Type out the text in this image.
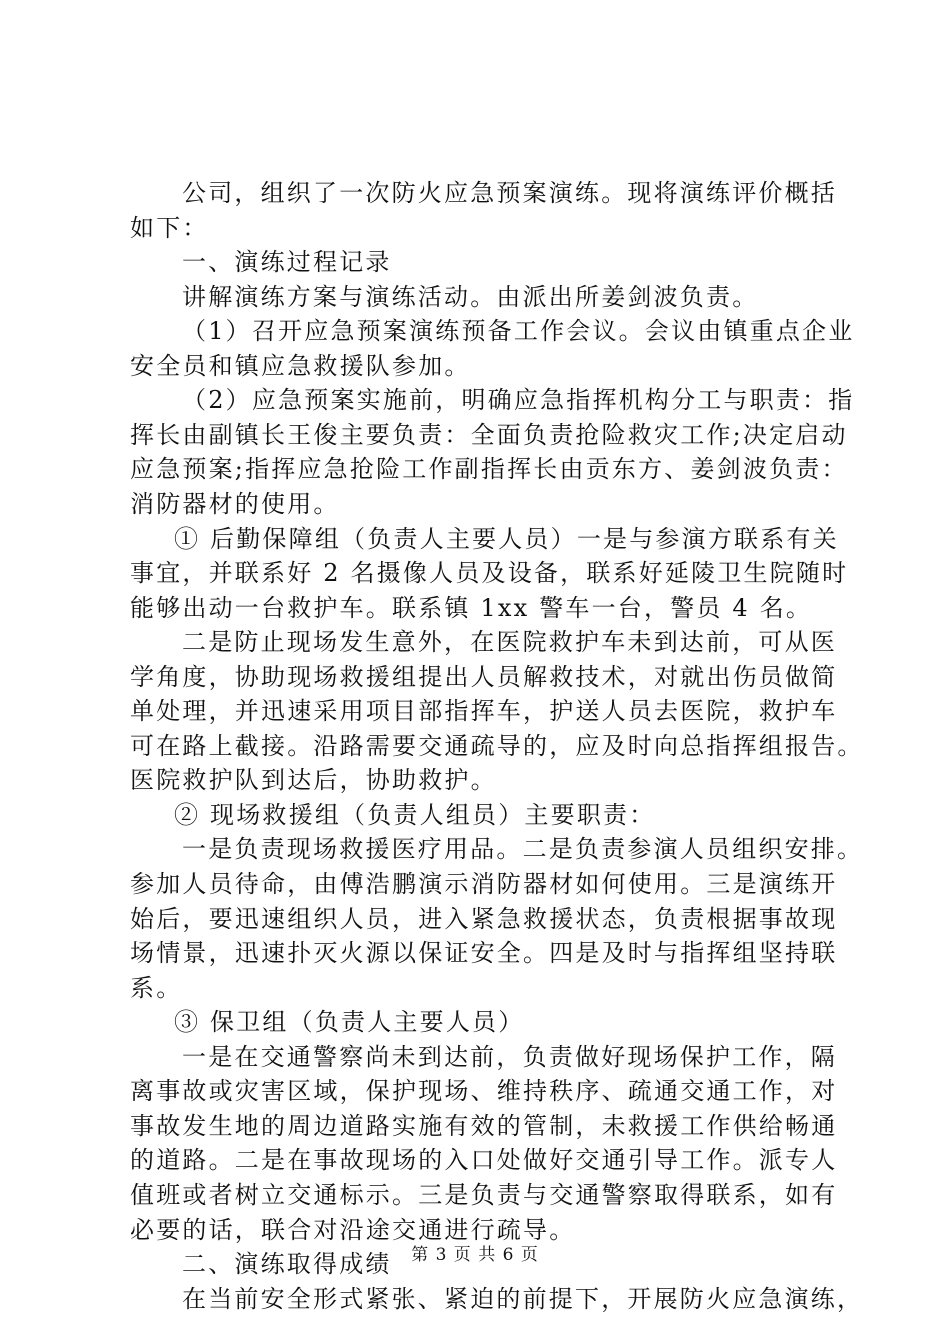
公司，组织了一次防火应急预案演练。现将演练评价概括
如下：
一、演练过程记录
讲解演练方案与演练活动。由派出所姜剑波负责。
（1）召开应急预案演练预备工作会议。会议由镇重点企业
安全员和镇应急救援队参加。
（2）应急预案实施前，明确应急指挥机构分工与职责：指
挥长由副镇长王俊主要负责：全面负责抢险救灾工作;决定启动
应急预案;指挥应急抢险工作副指挥长由贡东方、姜剑波负责：
消防器材的使用。
① 后勤保障组（负责人主要人员）一是与参演方联系有关
事宜，并联系好 2 名摄像人员及设备，联系好延陵卫生院随时
能够出动一台救护车。联系镇 1xx 警车一台，警员 4 名。
二是防止现场发生意外，在医院救护车未到达前，可从医
学角度，协助现场救援组提出人员解救技术，对就出伤员做简
单处理，并迅速采用项目部指挥车，护送人员去医院，救护车
可在路上截接。沿路需要交通疏导的，应及时向总指挥组报告。
医院救护队到达后，协助救护。
② 现场救援组（负责人组员）主要职责：
一是负责现场救援医疗用品。二是负责参演人员组织安排。
参加人员待命，由傅浩鹏演示消防器材如何使用。三是演练开
始后，要迅速组织人员，进入紧急救援状态，负责根据事故现
场情景，迅速扑灭火源以保证安全。四是及时与指挥组坚持联
系。
③ 保卫组（负责人主要人员）
一是在交通警察尚未到达前，负责做好现场保护工作，隔
离事故或灾害区域，保护现场、维持秩序、疏通交通工作，对
事故发生地的周边道路实施有效的管制，未救援工作供给畅通
的道路。二是在事故现场的入口处做好交通引导工作。派专人
值班或者树立交通标示。三是负责与交通警察取得联系，如有
必要的话，联合对沿途交通进行疏导。
二、演练取得成绩
在当前安全形式紧张、紧迫的前提下，开展防火应急演练，
第 3 页 共 6 页
